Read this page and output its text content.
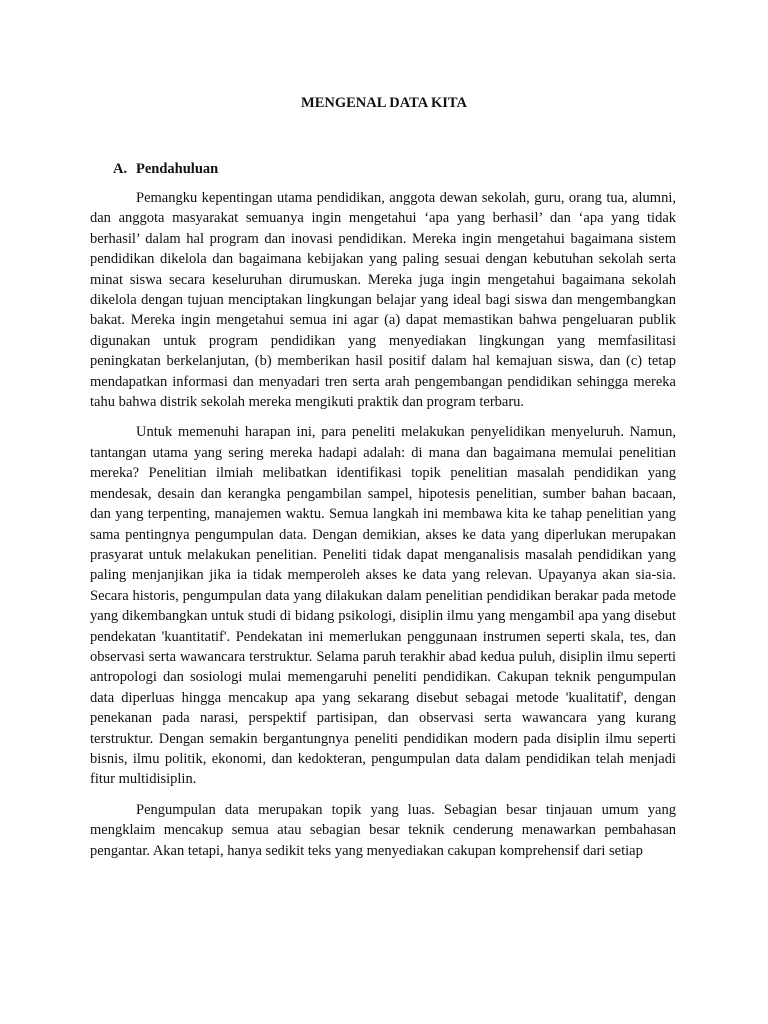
MENGENAL DATA KITA
A. Pendahuluan

Pemangku kepentingan utama pendidikan, anggota dewan sekolah, guru, orang tua, alumni, dan anggota masyarakat semuanya ingin mengetahui ‘apa yang berhasil’ dan ‘apa yang tidak berhasil’ dalam hal program dan inovasi pendidikan. Mereka ingin mengetahui bagaimana sistem pendidikan dikelola dan bagaimana kebijakan yang paling sesuai dengan kebutuhan sekolah serta minat siswa secara keseluruhan dirumuskan. Mereka juga ingin mengetahui bagaimana sekolah dikelola dengan tujuan menciptakan lingkungan belajar yang ideal bagi siswa dan mengembangkan bakat. Mereka ingin mengetahui semua ini agar (a) dapat memastikan bahwa pengeluaran publik digunakan untuk program pendidikan yang menyediakan lingkungan yang memfasilitasi peningkatan berkelanjutan, (b) memberikan hasil positif dalam hal kemajuan siswa, dan (c) tetap mendapatkan informasi dan menyadari tren serta arah pengembangan pendidikan sehingga mereka tahu bahwa distrik sekolah mereka mengikuti praktik dan program terbaru.

Untuk memenuhi harapan ini, para peneliti melakukan penyelidikan menyeluruh. Namun, tantangan utama yang sering mereka hadapi adalah: di mana dan bagaimana memulai penelitian mereka? Penelitian ilmiah melibatkan identifikasi topik penelitian masalah pendidikan yang mendesak, desain dan kerangka pengambilan sampel, hipotesis penelitian, sumber bahan bacaan, dan yang terpenting, manajemen waktu. Semua langkah ini membawa kita ke tahap penelitian yang sama pentingnya pengumpulan data. Dengan demikian, akses ke data yang diperlukan merupakan prasyarat untuk melakukan penelitian. Peneliti tidak dapat menganalisis masalah pendidikan yang paling menjanjikan jika ia tidak memperoleh akses ke data yang relevan. Upayanya akan sia-sia. Secara historis, pengumpulan data yang dilakukan dalam penelitian pendidikan berakar pada metode yang dikembangkan untuk studi di bidang psikologi, disiplin ilmu yang mengambil apa yang disebut pendekatan 'kuantitatif'. Pendekatan ini memerlukan penggunaan instrumen seperti skala, tes, dan observasi serta wawancara terstruktur. Selama paruh terakhir abad kedua puluh, disiplin ilmu seperti antropologi dan sosiologi mulai memengaruhi peneliti pendidikan. Cakupan teknik pengumpulan data diperluas hingga mencakup apa yang sekarang disebut sebagai metode 'kualitatif', dengan penekanan pada narasi, perspektif partisipan, dan observasi serta wawancara yang kurang terstruktur. Dengan semakin bergantungnya peneliti pendidikan modern pada disiplin ilmu seperti bisnis, ilmu politik, ekonomi, dan kedokteran, pengumpulan data dalam pendidikan telah menjadi fitur multidisiplin.

Pengumpulan data merupakan topik yang luas. Sebagian besar tinjauan umum yang mengklaim mencakup semua atau sebagian besar teknik cenderung menawarkan pembahasan pengantar. Akan tetapi, hanya sedikit teks yang menyediakan cakupan komprehensif dari setiap
